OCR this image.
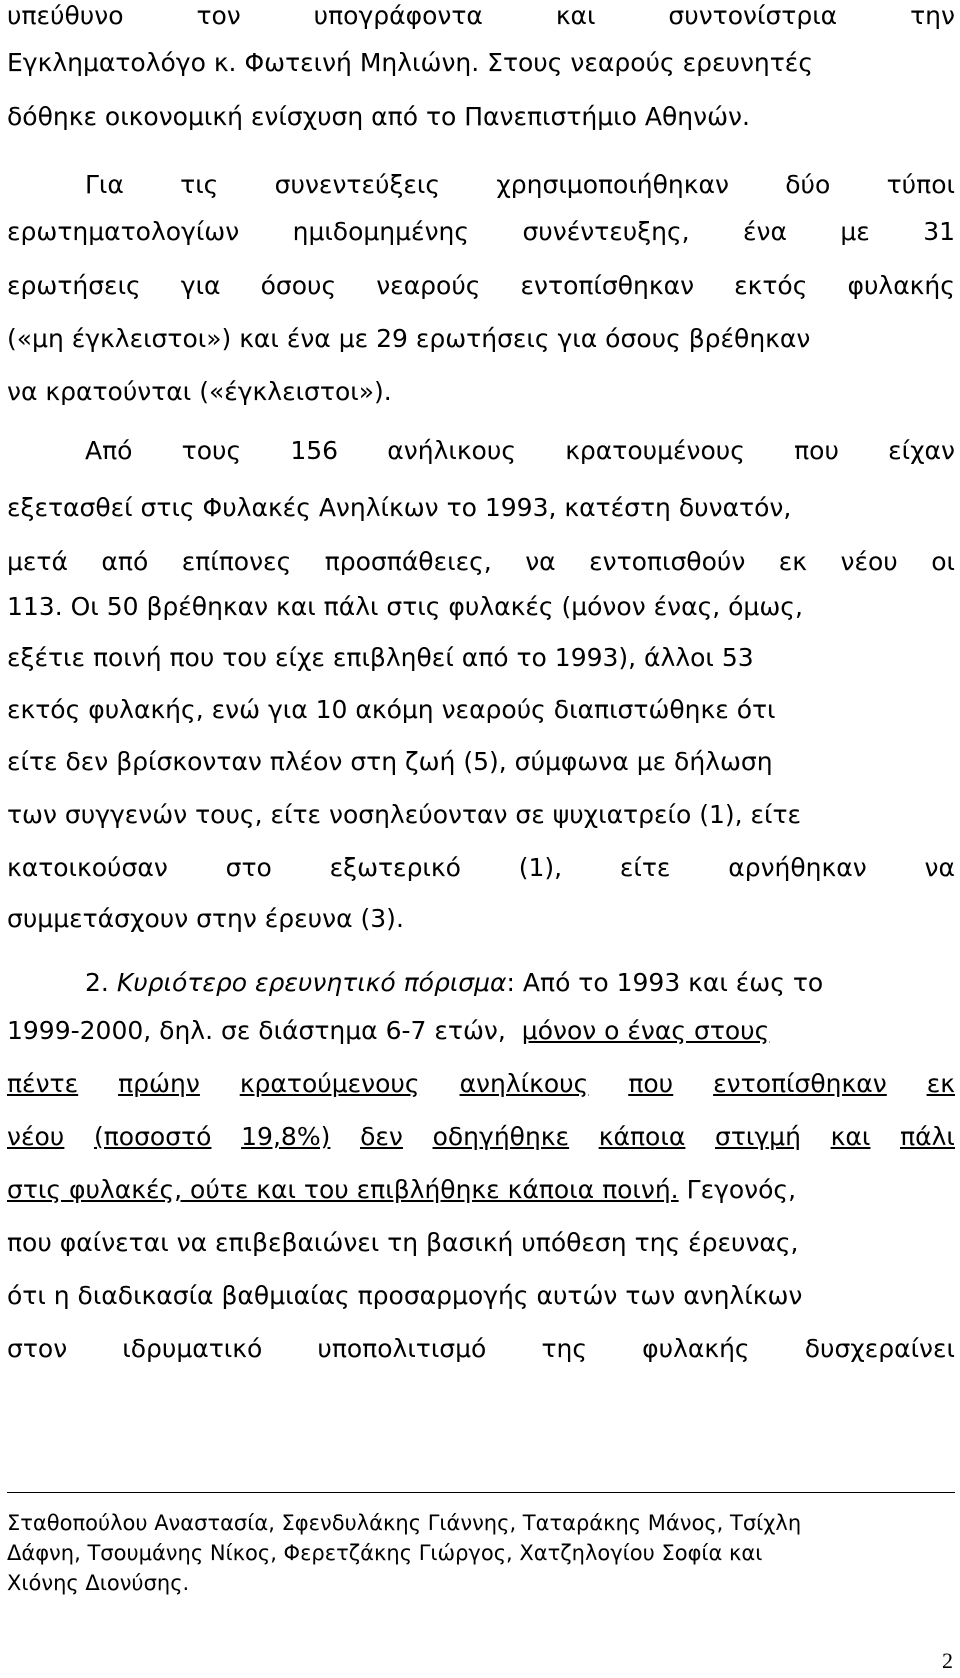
υπεύθυνο	τον	υπογράφοντα	και	συντονίστρια	την
Εγκληματολόγο κ. Φωτεινή Μηλιώνη. Στους νεαρούς ερευνητές
δόθηκε οικονομική ενίσχυση από το Πανεπιστήμιο Αθηνών.
Για τις συνεντεύξεις χρησιμοποιήθηκαν δύο τύποι
ερωτηματολογίων ημιδομημένης συνέντευξης, ένα με 31
ερωτήσεις για όσους νεαρούς εντοπίσθηκαν εκτός φυλακής
(«μη έγκλειστοι») και ένα με 29 ερωτήσεις για όσους βρέθηκαν
να κρατούνται («έγκλειστοι»).
Από τους 156 ανήλικους κρατουμένους που είχαν
εξετασθεί στις Φυλακές Ανηλίκων το 1993, κατέστη δυνατόν,
μετά από επίπονες προσπάθειες, να εντοπισθούν εκ νέου οι
113. Οι 50 βρέθηκαν και πάλι στις φυλακές (μόνον ένας, όμως,
εξέτιε ποινή που του είχε επιβληθεί από το 1993), άλλοι 53
εκτός φυλακής, ενώ για 10 ακόμη νεαρούς διαπιστώθηκε ότι
είτε δεν βρίσκονταν πλέον στη ζωή (5), σύμφωνα με δήλωση
των συγγενών τους, είτε νοσηλεύονταν σε ψυχιατρείο (1), είτε
κατοικούσαν στο εξωτερικό (1), είτε αρνήθηκαν να
συμμετάσχουν στην έρευνα (3).
2. Κυριότερο ερευνητικό πόρισμα: Από το 1993 και έως το
1999-2000, δηλ. σε διάστημα 6-7 ετών, μόνον ο ένας στους
πέντε πρώην κρατούμενους ανηλίκους που εντοπίσθηκαν εκ
νέου (ποσοστό 19,8%) δεν οδηγήθηκε κάποια στιγμή και πάλι
στις φυλακές, ούτε και του επιβλήθηκε κάποια ποινή. Γεγονός,
που φαίνεται να επιβεβαιώνει τη βασική υπόθεση της έρευνας,
ότι η διαδικασία βαθμιαίας προσαρμογής αυτών των ανηλίκων
στον ιδρυματικό υποπολιτισμό της φυλακής δυσχεραίνει
Σταθοπούλου Αναστασία, Σφενδυλάκης Γιάννης, Ταταράκης Μάνος, Τσίχλη
Δάφνη, Τσουμάνης Νίκος, Φερετζάκης Γιώργος, Χατζηλογίου Σοφία και
Χιόνης Διονύσης.
2
